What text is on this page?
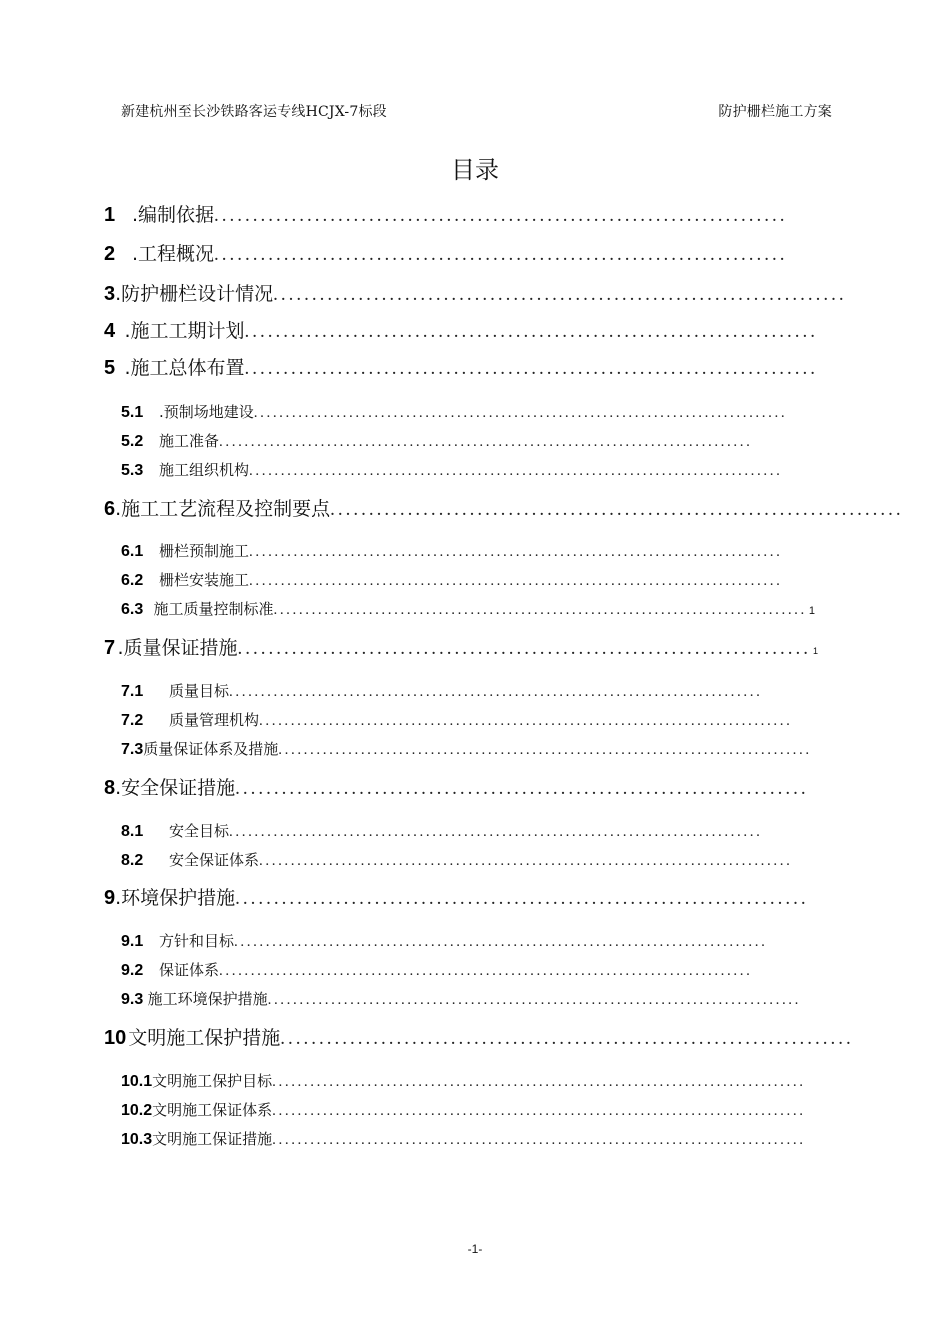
新建杭州至长沙铁路客运专线HCJX-7标段	防护栅栏施工方案
目录
1 .编制依据 ..........................................................................
2 .工程概况 ..........................................................................
3 .防护栅栏设计情况 ..........................................................................
4 .施工工期计划 ..........................................................................
5 .施工总体布置 ..........................................................................
5.1	.预制场地建设 ....................................................................................
5.2	施工准备 ....................................................................................
5.3	施工组织机构 ....................................................................................
6 .施工工艺流程及控制要点 ..........................................................................
6.1	栅栏预制施工 ....................................................................................
6.2	栅栏安装施工 ....................................................................................
6.3 施工质量控制标准 .................................................................................... 1
7 .质量保证措施 .......................................................................... 1
7.1	质量目标 ....................................................................................
7.2	质量管理机构 ....................................................................................
7.3 质量保证体系及措施 ....................................................................................
8 .安全保证措施 ..........................................................................
8.1	安全目标 ....................................................................................
8.2	安全保证体系 ....................................................................................
9 .环境保护措施 ..........................................................................
9.1	方针和目标 ....................................................................................
9.2	保证体系 ....................................................................................
9.3 施工环境保护措施 ....................................................................................
10 文明施工保护措施 ..........................................................................
10.1 文明施工保护目标 ....................................................................................
10.2 文明施工保证体系 ....................................................................................
10.3 文明施工保证措施 ....................................................................................
-1-
